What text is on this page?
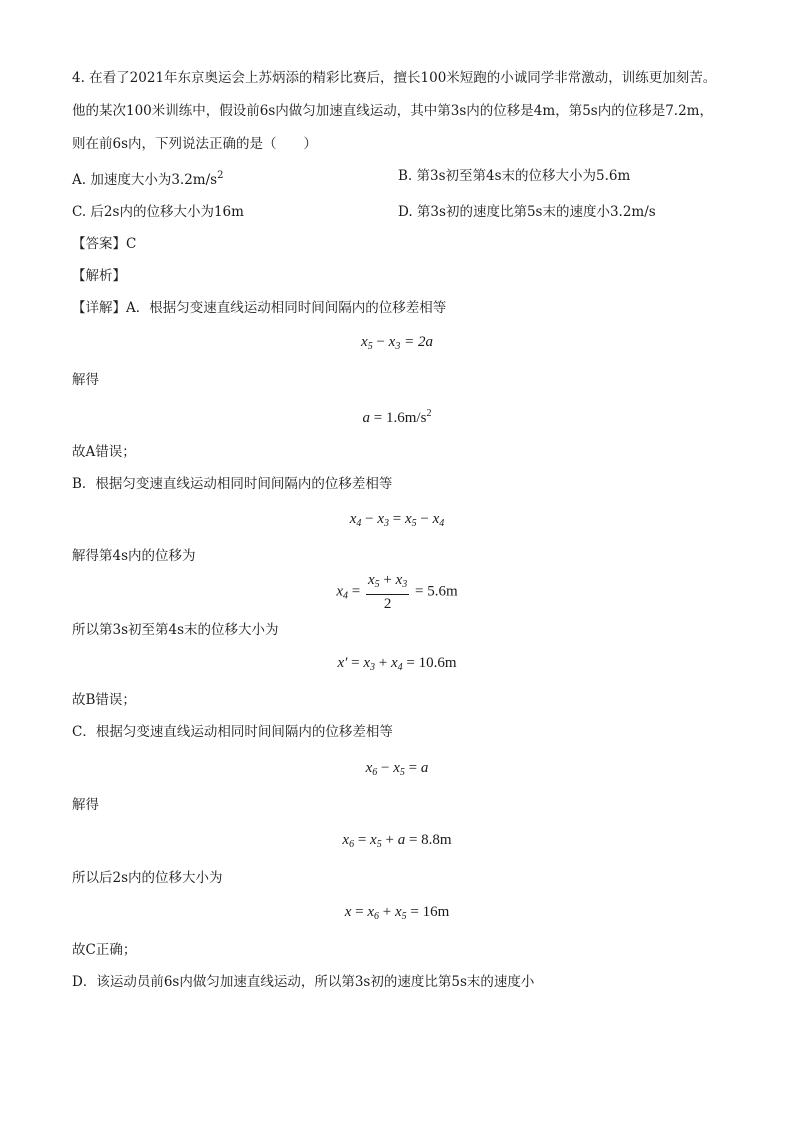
4. 在看了2021年东京奥运会上苏炳添的精彩比赛后，擅长100米短跑的小诚同学非常激动，训练更加刻苦。他的某次100米训练中，假设前6s内做匀加速直线运动，其中第3s内的位移是4m，第5s内的位移是7.2m，则在前6s内，下列说法正确的是（　　）
A. 加速度大小为$3.2m/s^2$	B. 第3s初至第4s末的位移大小为5.6m
C. 后2s内的位移大小为16m	D. 第3s初的速度比第5s末的速度小3.2m/s
【答案】C
【解析】
【详解】A．根据匀变速直线运动相同时间间隔内的位移差相等
$x_5 - x_3 = 2a$
解得
$a = 1.6m/s^2$
故A错误；
B．根据匀变速直线运动相同时间间隔内的位移差相等
$x_4 - x_3 = x_5 - x_4$
解得第4s内的位移为
$x_4 = \frac{x_5 + x_3}{2} = 5.6m$
所以第3s初至第4s末的位移大小为
$x' = x_3 + x_4 = 10.6m$
故B错误；
C．根据匀变速直线运动相同时间间隔内的位移差相等
$x_6 - x_5 = a$
解得
$x_6 = x_5 + a = 8.8m$
所以后2s内的位移大小为
$x = x_6 + x_5 = 16m$
故C正确；
D．该运动员前6s内做匀加速直线运动，所以第3s初的速度比第5s末的速度小
